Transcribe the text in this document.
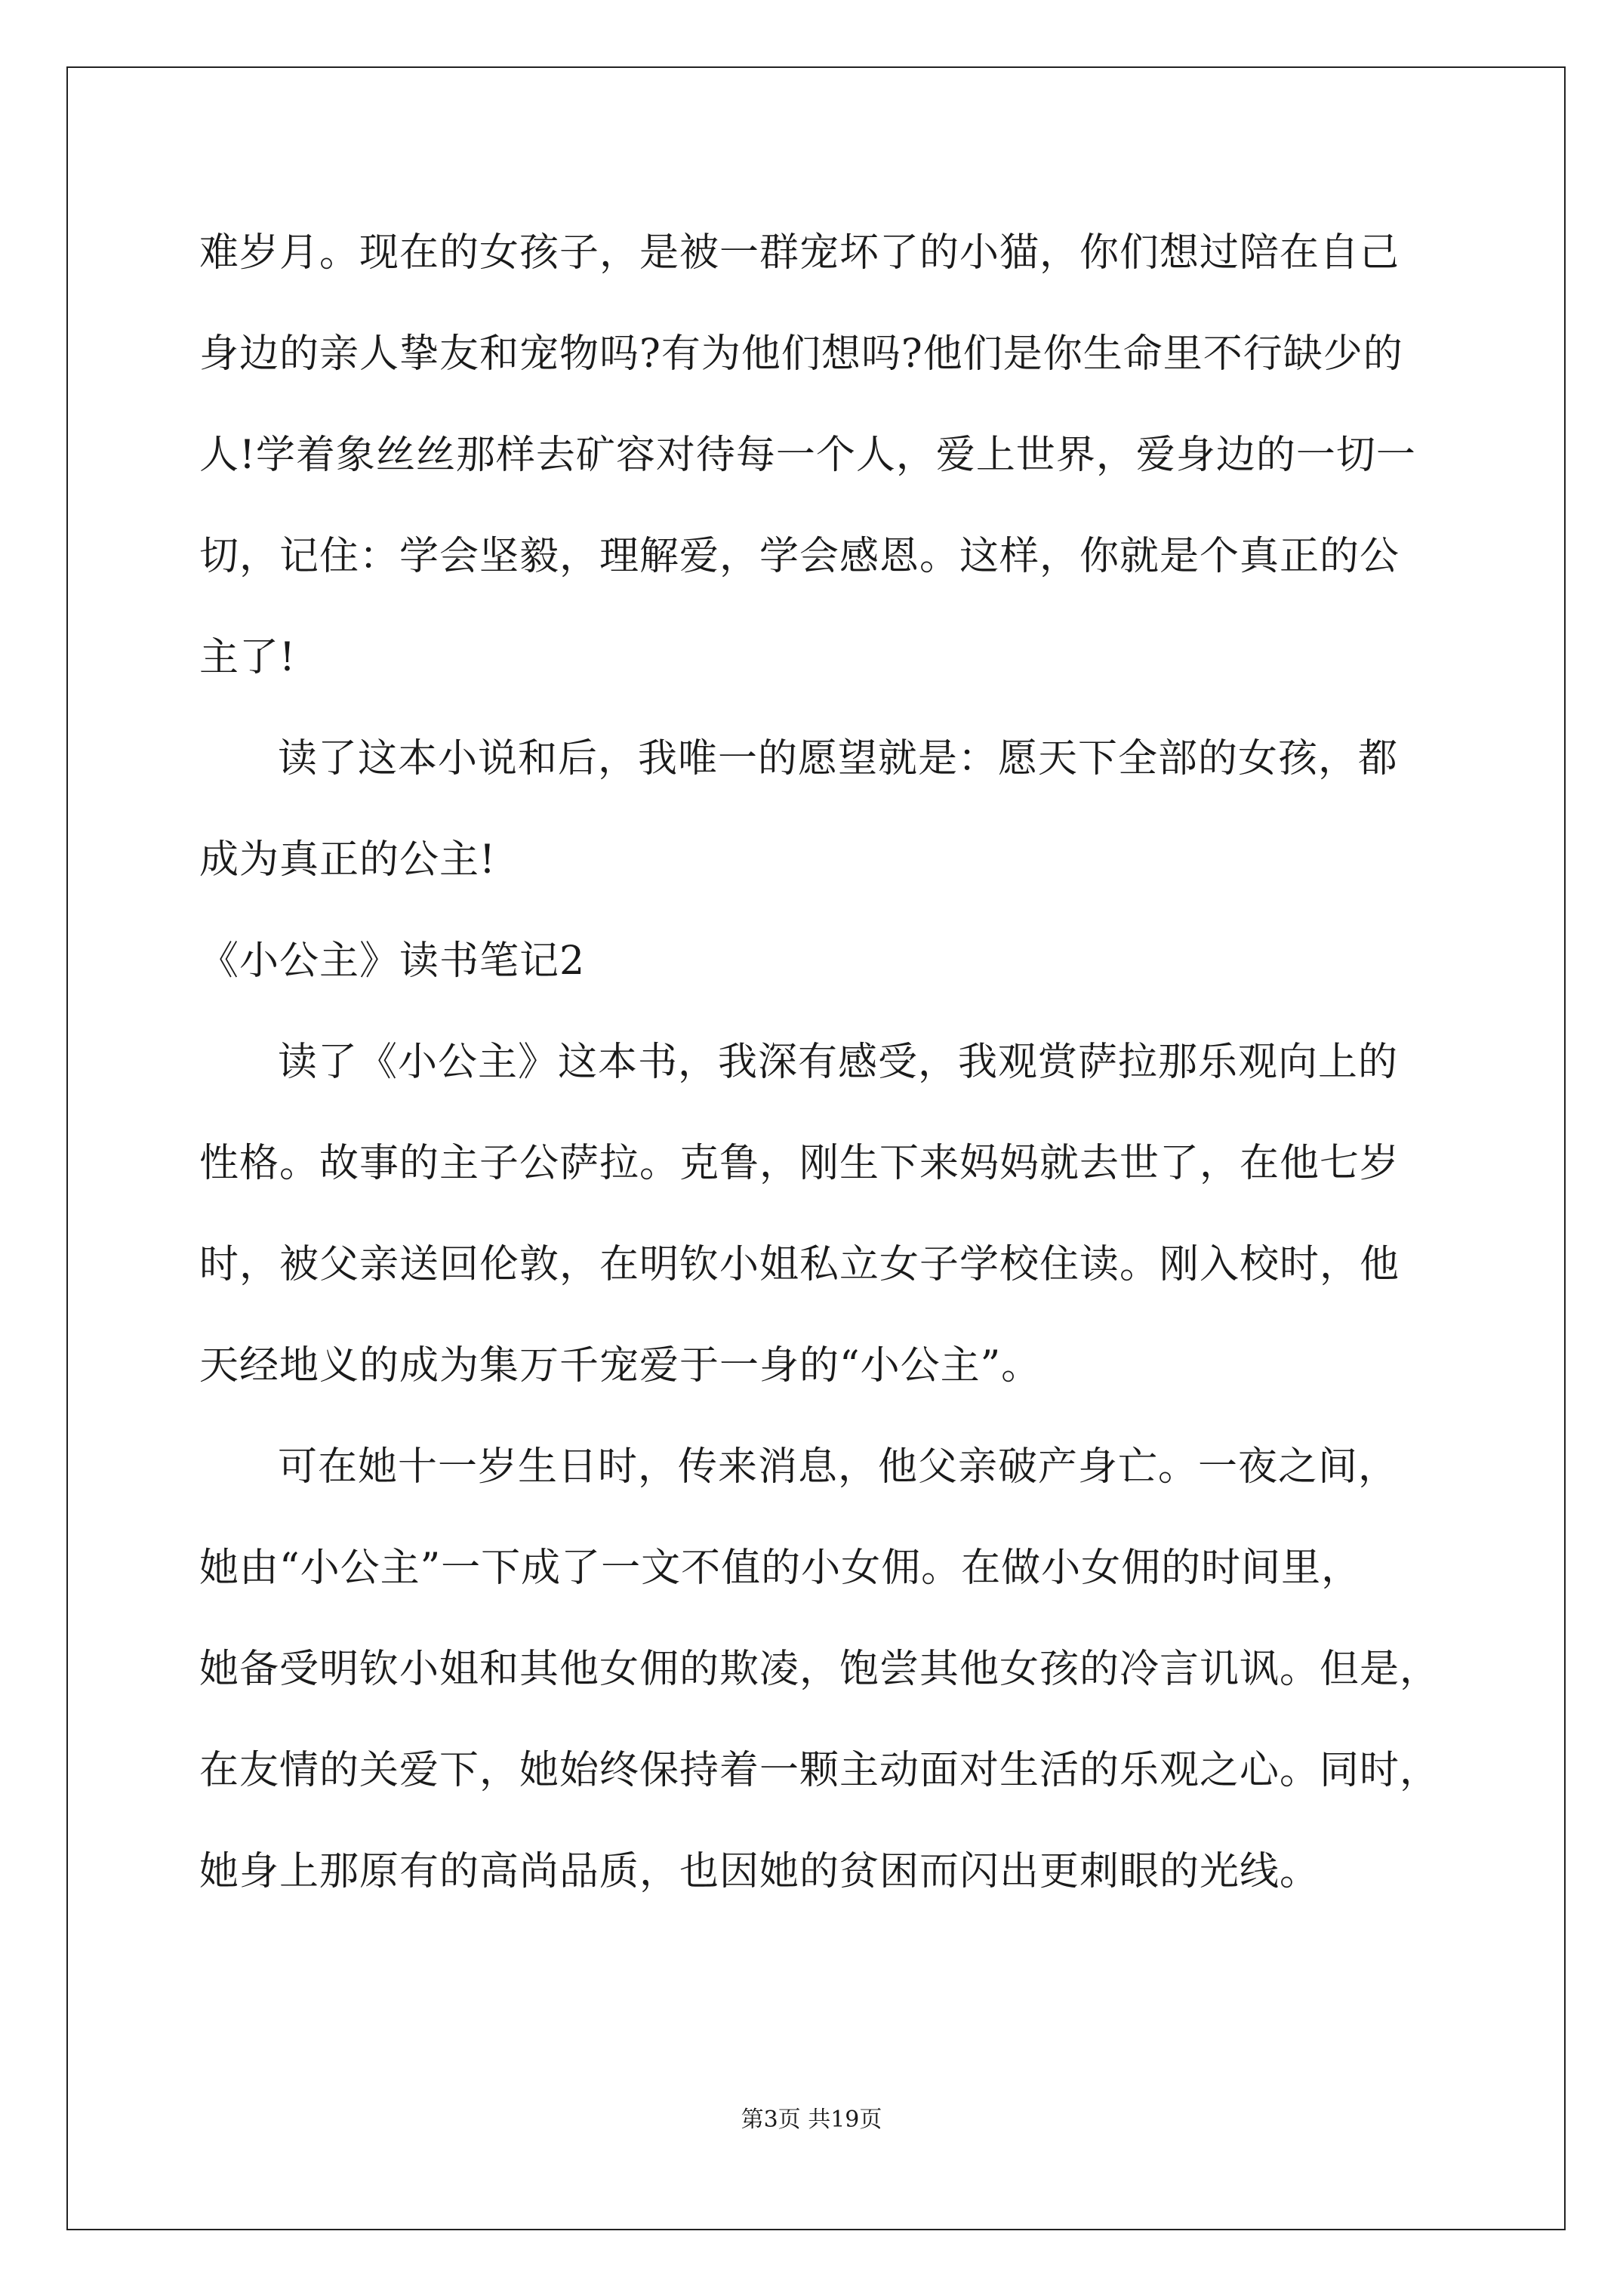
难岁月。现在的女孩子，是被一群宠坏了的小猫，你们想过陪在自己
身边的亲人挚友和宠物吗?有为他们想吗?他们是你生命里不行缺少的
人!学着象丝丝那样去矿容对待每一个人，爱上世界，爱身边的一切一
切，记住：学会坚毅，理解爱，学会感恩。这样，你就是个真正的公
主了!
读了这本小说和后，我唯一的愿望就是：愿天下全部的女孩，都
成为真正的公主!
《小公主》读书笔记2
读了《小公主》这本书，我深有感受，我观赏萨拉那乐观向上的
性格。故事的主子公萨拉。克鲁，刚生下来妈妈就去世了，在他七岁
时，被父亲送回伦敦，在明钦小姐私立女子学校住读。刚入校时，他
天经地义的成为集万千宠爱于一身的“小公主”。
可在她十一岁生日时，传来消息，他父亲破产身亡。一夜之间，
她由“小公主”一下成了一文不值的小女佣。在做小女佣的时间里，
她备受明钦小姐和其他女佣的欺凌，饱尝其他女孩的冷言讥讽。但是，
在友情的关爱下，她始终保持着一颗主动面对生活的乐观之心。同时，
她身上那原有的高尚品质，也因她的贫困而闪出更刺眼的光线。
第3页 共19页
